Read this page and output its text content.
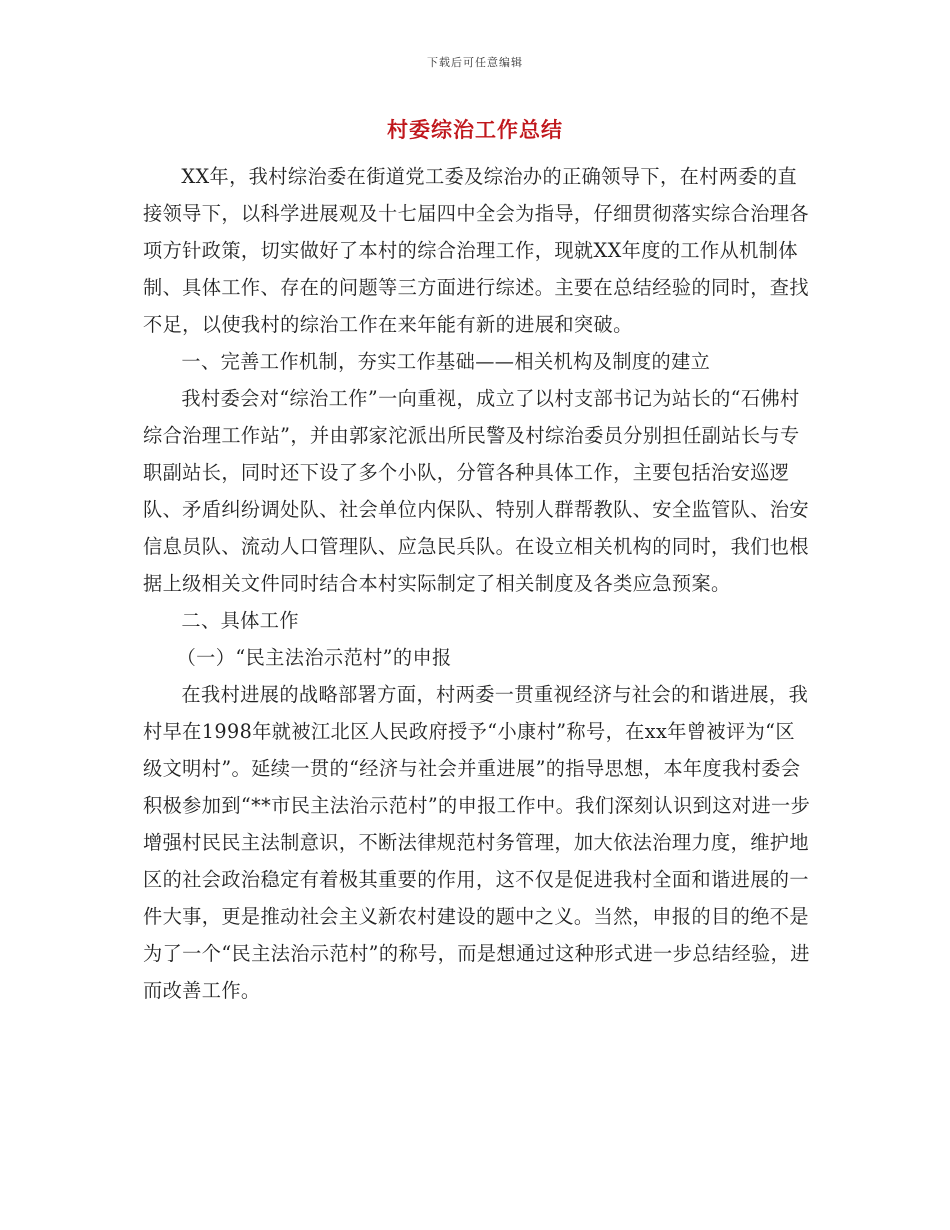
下载后可任意编辑
村委综治工作总结

XX年，我村综治委在街道党工委及综治办的正确领导下，在村两委的直接领导下，以科学进展观及十七届四中全会为指导，仔细贯彻落实综合治理各项方针政策，切实做好了本村的综合治理工作，现就XX年度的工作从机制体制、具体工作、存在的问题等三方面进行综述。主要在总结经验的同时，查找不足，以使我村的综治工作在来年能有新的进展和突破。

一、完善工作机制，夯实工作基础——相关机构及制度的建立

我村委会对“综治工作”一向重视，成立了以村支部书记为站长的“石佛村综合治理工作站”，并由郭家沱派出所民警及村综治委员分别担任副站长与专职副站长，同时还下设了多个小队，分管各种具体工作，主要包括治安巡逻队、矛盾纠纷调处队、社会单位内保队、特别人群帮教队、安全监管队、治安信息员队、流动人口管理队、应急民兵队。在设立相关机构的同时，我们也根据上级相关文件同时结合本村实际制定了相关制度及各类应急预案。

二、具体工作

（一）“民主法治示范村”的申报

在我村进展的战略部署方面，村两委一贯重视经济与社会的和谐进展，我村早在1998年就被江北区人民政府授予“小康村”称号，在xx年曾被评为“区级文明村”。延续一贯的“经济与社会并重进展”的指导思想，本年度我村委会积极参加到“**市民主法治示范村”的申报工作中。我们深刻认识到这对进一步增强村民民主法制意识，不断法律规范村务管理，加大依法治理力度，维护地区的社会政治稳定有着极其重要的作用，这不仅是促进我村全面和谐进展的一件大事，更是推动社会主义新农村建设的题中之义。当然，申报的目的绝不是为了一个“民主法治示范村”的称号，而是想通过这种形式进一步总结经验，进而改善工作。
